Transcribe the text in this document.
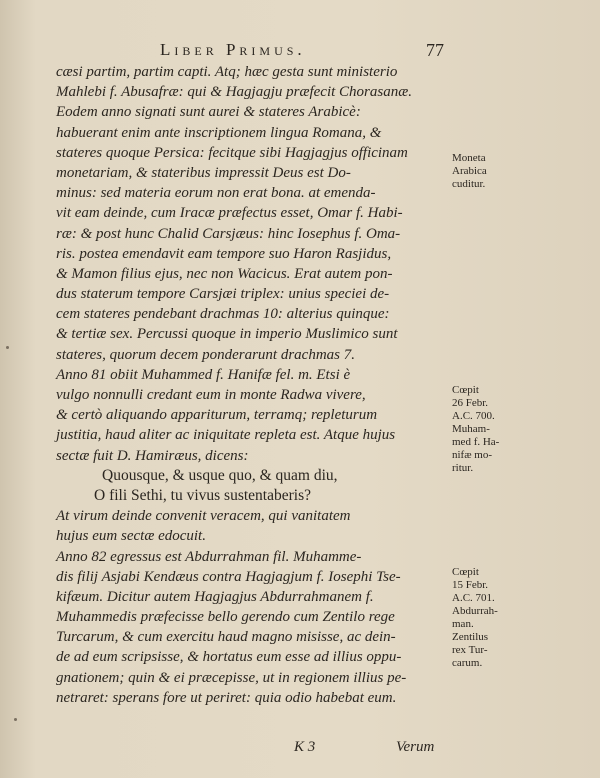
Liber Primus.	77
cæsi partim, partim capti. Atq; hæc gesta sunt ministerio
Mahlebi f. Abusafræ: qui & Hagjagju præfecit Chorasanæ.
Eodem anno signati sunt aurei & stateres Arabicè:
habuerant enim ante inscriptionem lingua Romana, &
stateres quoque Persica: fecitque sibi Hagjagjus officinam
monetariam, & stateribus impressit Deus est Do-
minus: sed materia eorum non erat bona. at emenda-
vit eam deinde, cum Iracæ præfectus esset, Omar f. Habi-
ræ: & post hunc Chalid Carsjæus: hinc Iosephus f. Oma-
ris. postea emendavit eam tempore suo Haron Rasjidus,
& Mamon filius ejus, nec non Wacicus. Erat autem pon-
dus staterum tempore Carsjæi triplex: unius speciei de-
cem stateres pendebant drachmas 10: alterius quinque:
& tertiæ sex. Percussi quoque in imperio Muslimico sunt
stateres, quorum decem ponderarunt drachmas 7.
Anno 81 obiit Muhammed f. Hanifæ fel. m. Etsi è
vulgo nonnulli credant eum in monte Radwa vivere,
& certò aliquando appariturum, terramq; repleturum
justitia, haud aliter ac iniquitate repleta est. Atque hujus
sectæ fuit D. Hamiræus, dicens:
Quousque, & usque quo, & quam diu,
O fili Sethi, tu vivus sustentaberis?
At virum deinde convenit veracem, qui vanitatem
hujus eum sectæ edocuit.
Anno 82 egressus est Abdurrahman fil. Muhamme-
dis filij Asjabi Kendæus contra Hagjagjum f. Iosephi Tse-
kifæum. Dicitur autem Hagjagjus Abdurrahmanem f.
Muhammedis præfecisse bello gerendo cum Zentilo rege
Turcarum, & cum exercitu haud magno misisse, ac dein-
de ad eum scripsisse, & hortatus eum esse ad illius oppu-
gnationem; quin & ei præcepisse, ut in regionem illius pe-
netraret: sperans fore ut periret: quia odio habebat eum.
Moneta
Arabica
cuditur.
Cœpit
26 Febr.
A.C. 700.
Muham-
med f. Ha-
nifæ mo-
ritur.
Cœpit
15 Febr.
A.C. 701.
Abdurrah-
man.
Zentilus
rex Tur-
carum.
K 3	Verum
